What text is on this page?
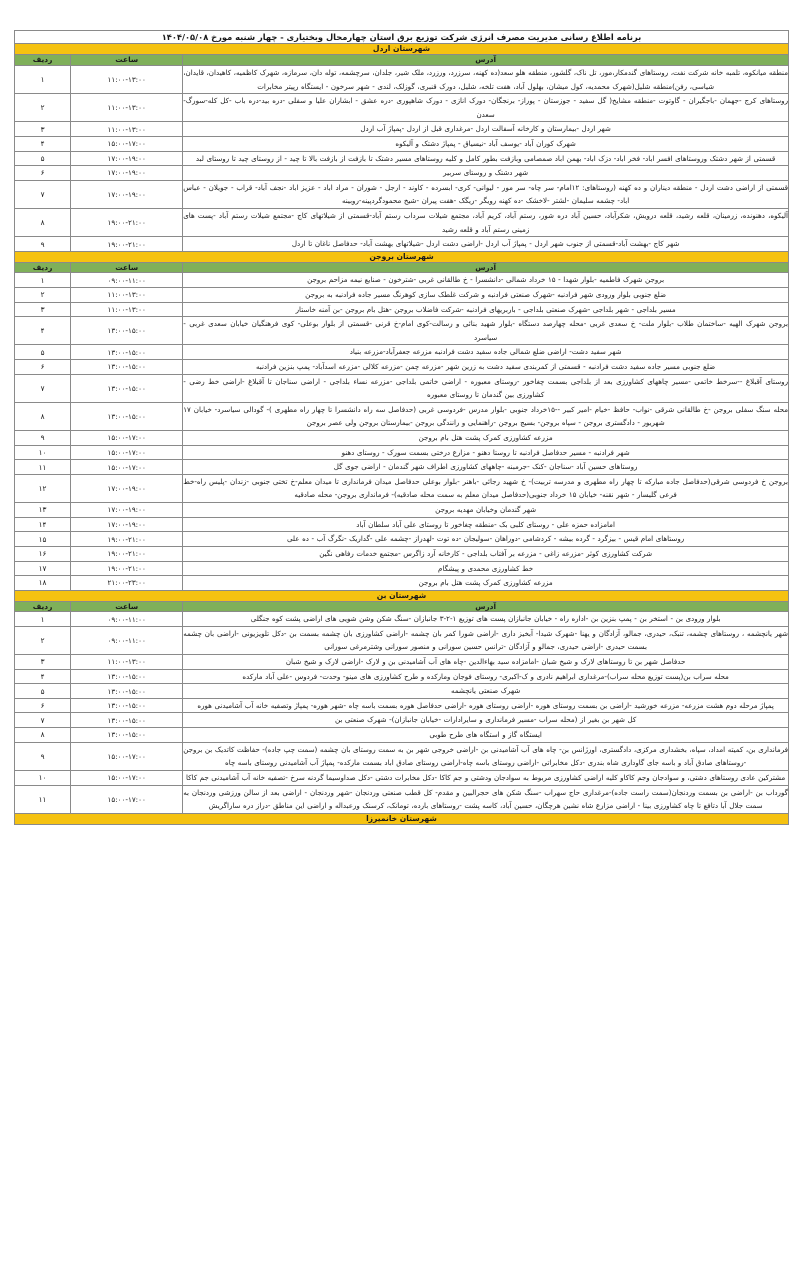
برنامه اطلاع رسانی مدیریت مصرف انرژی شرکت توزیع برق استان چهارمحال وبختیاری - چهار شنبه مورخ ۱۴۰۴/۰۵/۰۸		
شهرستان اردل		
آدرس	ساعت	ردیف
منطقه میانکوه، تلمبه خانه شرکت نفت، روستاهای گندمکار،مور، تل ناک، گلشور، منطقه هلو سعد(ده کهنه، سرزرد، ورزرد، ملک شیر، جلدان، سرچشمه، توله دان، سرمازه، شهرک کاظمیه، کاهیدان، قایدان، شیاسی، رفن)منطقه شلیل(شهرک محمدیه، کول میشان، بهلول آباد، هفت تلخه، شلیل، دورک قنبری، گوزلک، لندی - شهر سرخون - ایستگاه رپیتر مخابرات	۱۱:۰۰-۱۳:۰۰	۱
روستاهای کرج -جهمان -باجگیران - گاوتوت -منطقه مشایخ( گل سفید - جوزستان - پوراز- برنجگان- دورک انازی - دورک شاهپوری -دره عشق - ابشاران علیا و سفلی -دره بید-دره باب -کل کله-سورگ-سعدن	۱۱:۰۰-۱۳:۰۰	۲
شهر اردل -بیمارستان و کارخانه آسفالت اردل -مرغداری قبل از اردل -پمپاژ آب اردل	۱۱:۰۰-۱۳:۰۰	۳
شهرک کوران آباد -یوسف آباد -نیسیاق - پمپاژ دشتک و آلیکوه	۱۵:۰۰-۱۷:۰۰	۴
قسمتی از شهر دشتک وروستاهای افسر اباد- فخر اباد- دزک اباد- بهمن اباد صمصامی وبازفت بطور کامل و کلیه روستاهای مسیر دشتک تا بازفت از بازفت بالا تا چید - از روستای چید تا روستای لبد	۱۷:۰۰-۱۹:۰۰	۵
شهر دشتک و روستای سربیر	۱۷:۰۰-۱۹:۰۰	۶
قسمتی از اراضی دشت اردل - منطقه دیناران و ده کهنه (روستاهای: ۱۲امام- سر چاه- سر مور - لیوانی- کری- ابسرده - کاوند - ارجل - شوران - مراد اباد - عزیز اباد -نجف آباد- قراب - جویلان - عباس اباد- چشمه سلیمان -لشتر -لاخشک -ده کهنه رویگر -ریگک -هفت پیران -شیخ محمودگردپینه-روبینه	۱۷:۰۰-۱۹:۰۰	۷
آلیکوه، دهنونده، زرمینان، قلعه رشید، قلعه درویش، شکرآباد، حسین آباد دره شور، رستم آباد، کریم آباد، مجتمع شیلات سرداب رستم آباد-قسمتی از شیلاتهای کاج -مجتمع شیلات رستم آباد -پست های زمینی رستم آباد و قلعه رشید	۱۹:۰۰-۲۱:۰۰	۸
شهر کاج -بهشت آباد-قسمتی از جنوب شهر اردل - پمپاژ آب اردل -اراضی دشت اردل -شیلاتهای بهشت آباد- حدفاصل ناغان تا اردل	۱۹:۰۰-۲۱:۰۰	۹
شهرستان بروجن		
آدرس	ساعت	ردیف
بروجن شهرک فاطمیه -بلوار شهدا - ۱۵ خرداد شمالی -دانشسرا - خ طالقانی غربی -شترخون - صنایع نیمه مزاحم بروجن	۰۹:۰۰-۱۱:۰۰	۱
ضلع جنوبی بلوار ورودی شهر فرادنبه -شهرک صنعتی فرادنبه و شرکت غلطک سازی کوهرنگ مسیر جاده فرادنبه به بروجن	۱۱:۰۰-۱۳:۰۰	۲
مسیر بلداجی - شهر بلداجی -شهرک صنعتی بلداجی - باربریهای فرادنبه -شرکت فاضلاب بروجن -هتل بام بروجن -بن آمنه خاستار	۱۱:۰۰-۱۳:۰۰	۳
بروجن شهرک الهیه -ساختمان طلاب -بلوار ملت- خ سعدی غربی -محله چهارصد دستگاه -بلوار شهید بنائی و رسالت-کوی امام-خ قرنی -قسمتی از بلوار بوعلی- کوی فرهنگیان خیابان سعدی غربی - سیاسرد	۱۳:۰۰-۱۵:۰۰	۴
شهر سفید دشت- اراضی ضلع شمالی جاده سفید دشت فرادنبه مزرعه جعفرآباد-مزرعه بنیاد	۱۳:۰۰-۱۵:۰۰	۵
ضلع جنوبی مسیر جاده سفید دشت فرادنبه - قسمتی از کمربندی سفید دشت به زرین شهر -مزرعه چمن -مزرعه کلالی -مزرعه اسدآباد- پمپ بنزین فرادنبه	۱۳:۰۰-۱۵:۰۰	۶
روستای آقبلاغ --سرخط خاتمی -مسیر چاههای کشاورزی بعد از بلداجی بسمت چغاخور -روستای معبوره - اراضی خاتمی بلداجی -مزرعه نساء بلداجی - اراضی سناجان تا آقبلاغ -اراضی خط رضی - کشاورزی بین گندمان تا روستای معبوره	۱۳:۰۰-۱۵:۰۰	۷
محله سنگ سفلی بروجن -خ طالقانی شرقی -نواب- حافظ -خیام -امیر کبیر --۱۵خرداد جنوبی -بلوار مدرس -فردوسی غربی (حدفاصل سه راه دانشسرا تا چهار راه مطهری )- گودالی سیاسرد- خیابان ۱۷ شهریور - دادگستری بروجن - سپاه بروجن- بسیج بروجن -راهنمایی و رانندگی بروجن -بیمارستان بروجن ولی عصر بروجن	۱۳:۰۰-۱۵:۰۰	۸
مزرعه کشاورزی کمرک پشت هتل بام بروجن	۱۵:۰۰-۱۷:۰۰	۹
شهر فرادنبه - مسیر حدفاصل فرادنبه تا روستا دهنو - مزارع درختی بسمت سورک - روستای دهنو	۱۵:۰۰-۱۷:۰۰	۱۰
روستاهای حسین آباد -سناجان -کنک -جرمبنه -چاههای کشاورزی اطراف شهر گندمان - اراضی جوی گل	۱۵:۰۰-۱۷:۰۰	۱۱
بروجن خ فردوسی شرقی(حدفاصل جاده مبارکه تا چهار راه مطهری و مدرسه تربیت)- خ شهید رجائی -باهنر -بلوار بوعلی حدفاصل میدان فرمانداری تا میدان معلم-خ تختی جنوبی -زندان -پلیس راه-خط فرعی گلیسار - شهر نقنه- خیابان ۱۵ خرداد جنوبی(حدفاصل میدان معلم به سمت محله صادقیه)- فرمانداری بروجن- محله صادقیه	۱۷:۰۰-۱۹:۰۰	۱۲
شهر گندمان وخیابان مهدیه بروجن	۱۷:۰۰-۱۹:۰۰	۱۳
امامزاده حمزه علی - روستای کلبی بک -منطقه چغاخور تا روستای علی آباد سلطان آباد	۱۷:۰۰-۱۹:۰۰	۱۴
روستاهای امام قیس - بیزگرد - گرده بیشه - کردشامی -دوراهان -سولیجان -ده توت -لهدراز -چشمه علی -گداریک -نگرگ آب - ده علی	۱۹:۰۰-۲۱:۰۰	۱۵
شرکت کشاورزی کوثر -مزرعه زاغی - مزرعه بر آفتاب بلداجی - کارخانه آرد زاگرس -مجتمع خدمات رفاهی نگین	۱۹:۰۰-۲۱:۰۰	۱۶
خط کشاورزی محمدی و پیشگام	۱۹:۰۰-۲۱:۰۰	۱۷
مزرعه کشاورزی کمرک پشت هتل بام بروجن	۲۱:۰۰-۲۳:۰۰	۱۸
شهرستان بن		
آدرس	ساعت	ردیف
بلوار ورودی بن - استخر بن - پمپ بنزین بن -اداره راه - خیابان جانبازان پست های توزیع ۱-۲-۳ جانبازان -سنگ شکن وشن شویی های اراضی پشت کوه جنگلی	۰۹:۰۰-۱۱:۰۰	۱
شهر یانچشمه ، روستاهای چشمه، تنبک، حیدری، جمالو، آزادگان و یهنا -شهرک شیدا- آبخیز داری -اراضی شورا کمر بان چشمه -اراضی کشاورزی بان چشمه بسمت بن -دکل تلویزیونی -اراضی بان چشمه بسمت حیدری -اراضی حیدری، جمالو و آزادگان -ترانس حسین سورانی و منصور سورانی وشترمرغی سورانی	۰۹:۰۰-۱۱:۰۰	۲
حدفاصل شهر بن تا روستاهای لارک و شیخ شبان -امامزاده سید بهاءالدین -چاه های آب آشامیدنی بن و لارک -اراضی لارک و شیخ شبان	۱۱:۰۰-۱۳:۰۰	۳
محله سراب بن(پست توزیع محله سراب)-مرغداری ابراهیم نادری و ک-اکبری- روستای فوجان ومارکده و طرح کشاورزی های مینو- وحدت- فردوس -علی آباد مارکده	۱۳:۰۰-۱۵:۰۰	۴
شهرک صنعتی یانچشمه	۱۳:۰۰-۱۵:۰۰	۵
پمپاژ مرحله دوم هشت مزرعه- مزرعه خورشید -اراضی بن بسمت روستای هوره -اراضی روستای هوره -اراضی حدفاصل هوره بسمت باسه چاه -شهر هوره- پمپاژ وتصفیه خانه آب آشامیدنی هوره	۱۳:۰۰-۱۵:۰۰	۶
کل شهر بن بغیر از (محله سراب -مسیر فرمانداری و سایرادارات -خیابان جانبازان)- شهرک صنعتی بن	۱۳:۰۰-۱۵:۰۰	۷
ایستگاه گاز و استگاه های طرح طوبی	۱۳:۰۰-۱۵:۰۰	۸
فرمانداری بن، کمیته امداد، سپاه، بخشداری مرکزی، دادگستری، اورژانس بن- چاه های آب آشامیدنی بن -اراضی خروجی شهر بن به سمت روستای بان چشمه (سمت چپ جاده)- حفاظت کاتدیک بن بروجن -روستاهای صادق آباد و باسه جای گاوداری شاه بندری -دکل مخابراتی -اراضی روستای باسه چاه-اراضی روستای صادق اباد بسمت مارکده- پمپاژ آب آشامیدنی روستای باسه چاه	۱۵:۰۰-۱۷:۰۰	۹
مشترکین عادی روستاهای دشتی، و سوادجان وجم کاکاو کلیه اراضی کشاورزی مربوط به سوادجان ودشتی و جم کاکا -دکل مخابرات دشتی -دکل صداوسیما گردنه سرخ -تصفیه خانه آب آشامیدنی جم کاکا	۱۵:۰۰-۱۷:۰۰	۱۰
گورداب بن -اراضی بن بسمت وردنجان(سمت راست جاده)-مرغداری حاج سهراب -سنگ شکن های حجرالبین و مقدم- کل قطب صنعتی وردنجان -شهر وردنجان - اراضی بعد از سالن ورزشی وردنجان به سمت جلال آبا دتافع تا چاه کشاورزی بینا - اراضی مزارع شاه نشین هرچگان، حسین آباد، کاسه پشت -روستاهای بارده، تومانک، کرسنک ورعبداله و اراضی این مناطق -دراز دره ساراگریش	۱۵:۰۰-۱۷:۰۰	۱۱
شهرستان خانمیرزا		
